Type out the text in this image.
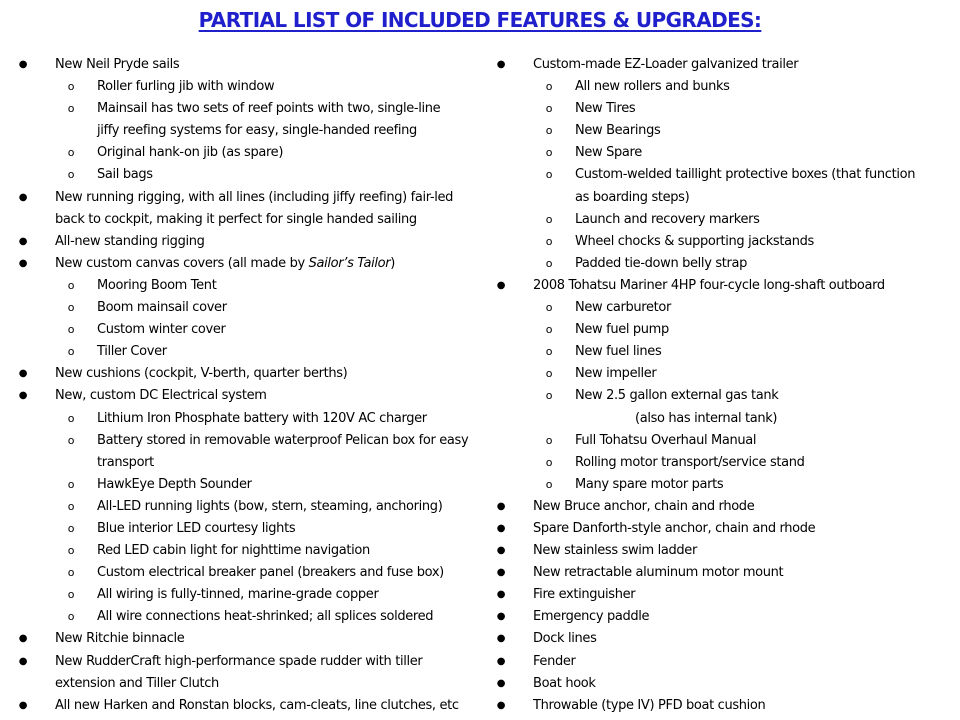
PARTIAL LIST OF INCLUDED FEATURES & UPGRADES:
● New Neil Pryde sails
o Roller furling jib with window
o Mainsail has two sets of reef points with two, single-line
jiffy reefing systems for easy, single-handed reefing
o Original hank-on jib (as spare)
o Sail bags
● New running rigging, with all lines (including jiffy reefing) fair-led
back to cockpit, making it perfect for single handed sailing
● All-new standing rigging
● New custom canvas covers (all made by Sailor’s Tailor)
o Mooring Boom Tent
o Boom mainsail cover
o Custom winter cover
o Tiller Cover
● New cushions (cockpit, V-berth, quarter berths)
● New, custom DC Electrical system
o Lithium Iron Phosphate battery with 120V AC charger
o Battery stored in removable waterproof Pelican box for easy
transport
o HawkEye Depth Sounder
o All-LED running lights (bow, stern, steaming, anchoring)
o Blue interior LED courtesy lights
o Red LED cabin light for nighttime navigation
o Custom electrical breaker panel (breakers and fuse box)
o All wiring is fully-tinned, marine-grade copper
o All wire connections heat-shrinked; all splices soldered
● New Ritchie binnacle
● New RudderCraft high-performance spade rudder with tiller
extension and Tiller Clutch
● All new Harken and Ronstan blocks, cam-cleats, line clutches, etc
● Custom-made EZ-Loader galvanized trailer
o All new rollers and bunks
o New Tires
o New Bearings
o New Spare
o Custom-welded taillight protective boxes (that function
as boarding steps)
o Launch and recovery markers
o Wheel chocks & supporting jackstands
o Padded tie-down belly strap
● 2008 Tohatsu Mariner 4HP four-cycle long-shaft outboard
o New carburetor
o New fuel pump
o New fuel lines
o New impeller
o New 2.5 gallon external gas tank
(also has internal tank)
o Full Tohatsu Overhaul Manual
o Rolling motor transport/service stand
o Many spare motor parts
● New Bruce anchor, chain and rhode
● Spare Danforth-style anchor, chain and rhode
● New stainless swim ladder
● New retractable aluminum motor mount
● Fire extinguisher
● Emergency paddle
● Dock lines
● Fender
● Boat hook
● Throwable (type IV) PFD boat cushion
